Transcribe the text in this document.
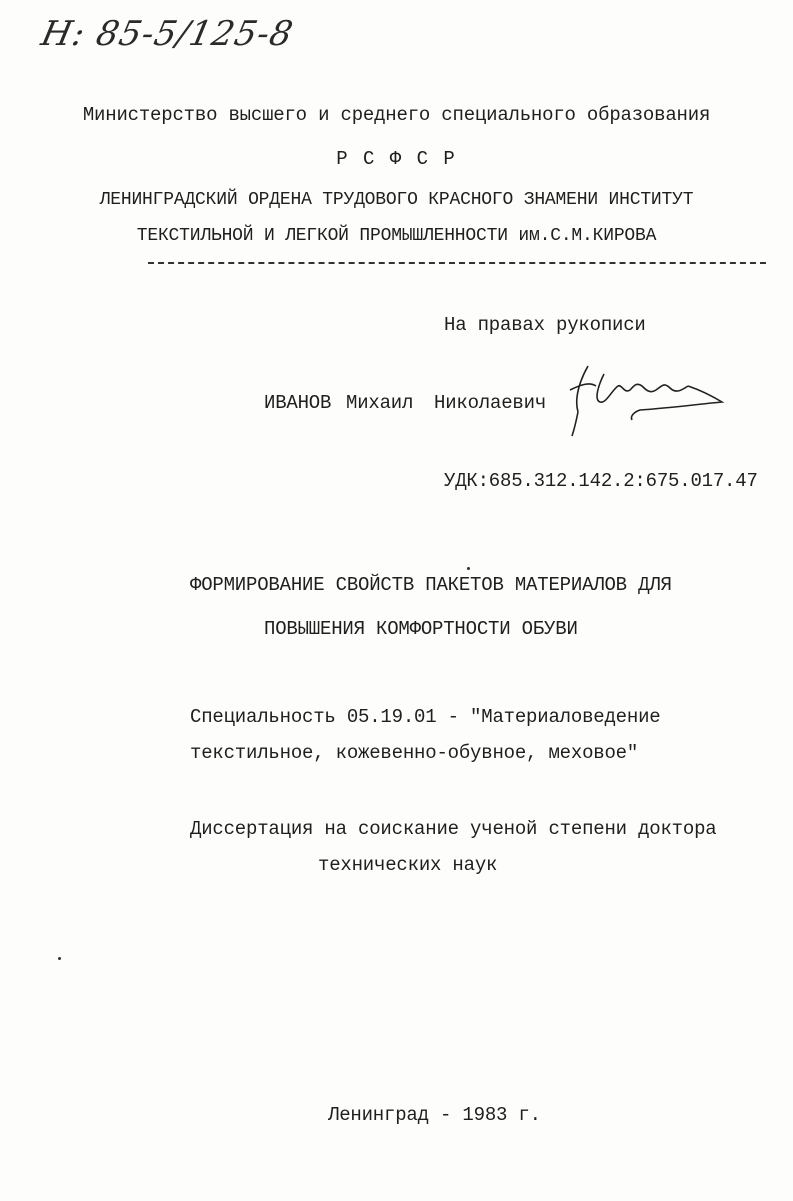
Н: 85-5/125-8
Министерство высшего и среднего специального образования
Р С Ф С Р
ЛЕНИНГРАДСКИЙ ОРДЕНА ТРУДОВОГО КРАСНОГО ЗНАМЕНИ ИНСТИТУТ
ТЕКСТИЛЬНОЙ И ЛЕГКОЙ ПРОМЫШЛЕННОСТИ им.С.М.КИРОВА
На правах рукописи
ИВАНОВ Михаил Николаевич
УДК:685.312.142.2:675.017.47
ФОРМИРОВАНИЕ СВОЙСТВ ПАКЕТОВ МАТЕРИАЛОВ ДЛЯ
ПОВЫШЕНИЯ КОМФОРТНОСТИ ОБУВИ
Специальность 05.19.01 - "Материаловедение
текстильное, кожевенно-обувное, меховое"
Диссертация на соискание ученой степени доктора
технических наук
Ленинград - 1983 г.
